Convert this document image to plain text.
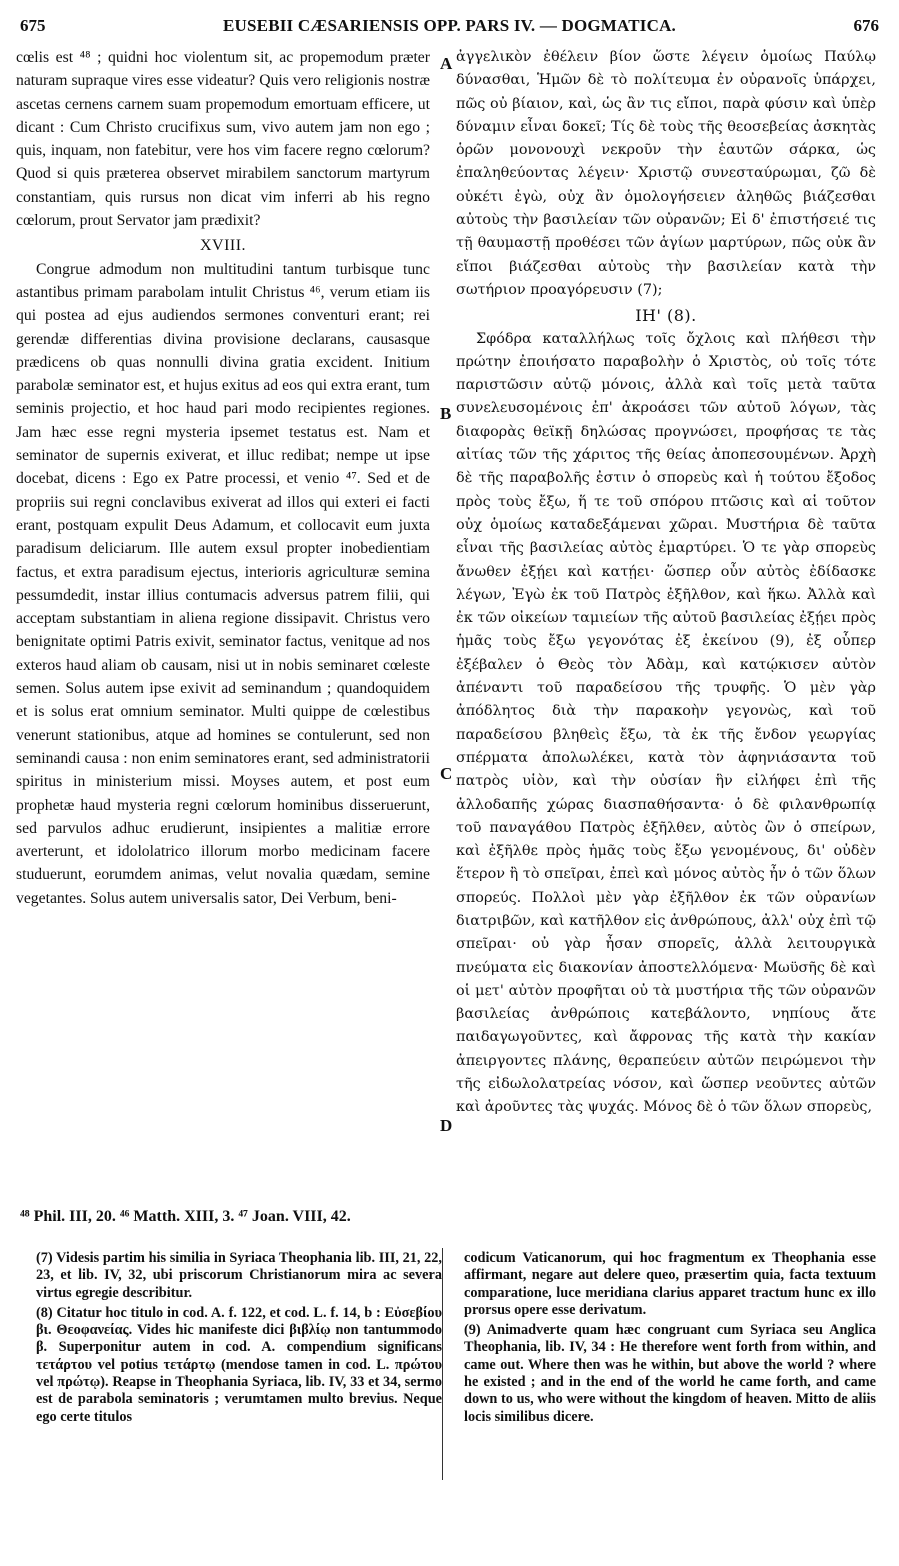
675	EUSEBII CÆSARIENSIS OPP. PARS IV. — DOGMATICA.	676

cœlis est ⁴⁸ ; quidni hoc violentum sit, ac propemodum præter naturam supraque vires esse videatur? Quis vero religionis nostræ ascetas cernens carnem suam propemodum emortuam efficere, ut dicant : Cum Christo crucifixus sum, vivo autem jam non ego ; quis, inquam, non fatebitur, vere hos vim facere regno cœlorum? Quod si quis præterea observet mirabilem sanctorum martyrum constantiam, quis rursus non dicat vim inferri ab his regno cœlorum, prout Servator jam prædixit?

XVIII.

Congrue admodum non multitudini tantum turbisque tunc astantibus primam parabolam intulit Christus ⁴⁶, verum etiam iis qui postea ad ejus audiendos sermones conventuri erant; rei gerendæ differentias divina provisione declarans, causasque prædicens ob quas nonnulli divina gratia excident. Initium parabolæ seminator est, et hujus exitus ad eos qui extra erant, tum seminis projectio, et hoc haud pari modo recipientes regiones. Jam hæc esse regni mysteria ipsemet testatus est. Nam et seminator de supernis exiverat, et illuc redibat; nempe ut ipse docebat, dicens : Ego ex Patre processi, et venio ⁴⁷. Sed et de propriis sui regni conclavibus exiverat ad illos qui exteri ei facti erant, postquam expulit Deus Adamum, et collocavit eum juxta paradisum deliciarum. Ille autem exsul propter inobedientiam factus, et extra paradisum ejectus, interioris agriculturæ semina pessumdedit, instar illius contumacis adversus patrem filii, qui acceptam substantiam in aliena regione dissipavit. Christus vero benignitate optimi Patris exivit, seminator factus, venitque ad nos exteros haud aliam ob causam, nisi ut in nobis seminaret cœleste semen. Solus autem ipse exivit ad seminandum ; quandoquidem et is solus erat omnium seminator. Multi quippe de cœlestibus venerunt stationibus, atque ad homines se contulerunt, sed non seminandi causa : non enim seminatores erant, sed administratorii spiritus in ministerium missi. Moyses autem, et post eum prophetæ haud mysteria regni cœlorum hominibus disseruerunt, sed parvulos adhuc erudierunt, insipientes a malitiæ errore averterunt, et idololatrico illorum morbo medicinam facere studuerunt, eorumdem animas, velut novalia quædam, semine vegetantes. Solus autem universalis sator, Dei Verbum, beni-

A
B
C
D

ἀγγελικὸν ἐθέλειν βίον ὥστε λέγειν ὁμοίως Παύλῳ δύνασθαι, Ἡμῶν δὲ τὸ πολίτευμα ἐν οὐρανοῖς ὑπάρχει, πῶς οὐ βίαιον, καὶ, ὡς ἂν τις εἴποι, παρὰ φύσιν καὶ ὑπὲρ δύναμιν εἶναι δοκεῖ; Τίς δὲ τοὺς τῆς θεοσεβείας ἀσκητὰς ὁρῶν μονονουχὶ νεκροῦν τὴν ἑαυτῶν σάρκα, ὡς ἐπαληθεύοντας λέγειν· Χριστῷ συνεσταύρωμαι, ζῶ δὲ οὐκέτι ἐγὼ, οὐχ ἂν ὁμολογήσειεν ἀληθῶς βιάζεσθαι αὐτοὺς τὴν βασιλείαν τῶν οὐρανῶν; Εἰ δ' ἐπιστήσειέ τις τῇ θαυμαστῇ προθέσει τῶν ἁγίων μαρτύρων, πῶς οὐκ ἂν εἴποι βιάζεσθαι αὐτοὺς τὴν βασιλείαν κατὰ τὴν σωτήριον προαγόρευσιν (7);

ΙΗ' (8).

Σφόδρα καταλλήλως τοῖς ὄχλοις καὶ πλήθεσι τὴν πρώτην ἐποιήσατο παραβολὴν ὁ Χριστὸς, οὐ τοῖς τότε παριστῶσιν αὐτῷ μόνοις, ἀλλὰ καὶ τοῖς μετὰ ταῦτα συνελευσομένοις ἐπ' ἀκροάσει τῶν αὐτοῦ λόγων, τὰς διαφορὰς θεϊκῇ δηλώσας προγνώσει, προφήσας τε τὰς αἰτίας τῶν τῆς χάριτος τῆς θείας ἀποπεσουμένων. Ἀρχὴ δὲ τῆς παραβολῆς ἐστιν ὁ σπορεὺς καὶ ἡ τούτου ἔξοδος πρὸς τοὺς ἔξω, ἥ τε τοῦ σπόρου πτῶσις καὶ αἱ τοῦτον οὐχ ὁμοίως καταδεξάμεναι χῶραι. Μυστήρια δὲ ταῦτα εἶναι τῆς βασιλείας αὐτὸς ἐμαρτύρει. Ὁ τε γὰρ σπορεὺς ἄνωθεν ἐξῄει καὶ κατῄει· ὥσπερ οὖν αὐτὸς ἐδίδασκε λέγων, Ἐγὼ ἐκ τοῦ Πατρὸς ἐξῆλθον, καὶ ἥκω. Ἀλλὰ καὶ ἐκ τῶν οἰκείων ταμιείων τῆς αὐτοῦ βασιλείας ἐξῄει πρὸς ἡμᾶς τοὺς ἔξω γεγονότας ἐξ ἐκείνου (9), ἐξ οὗπερ ἐξέβαλεν ὁ Θεὸς τὸν Ἀδὰμ, καὶ κατῴκισεν αὐτὸν ἀπέναντι τοῦ παραδείσου τῆς τρυφῆς. Ὁ μὲν γὰρ ἀπόδλητος διὰ τὴν παρακοὴν γεγονὼς, καὶ τοῦ παραδείσου βληθεὶς ἔξω, τὰ ἐκ τῆς ἔνδον γεωργίας σπέρματα ἀπολωλέκει, κατὰ τὸν ἀφηνιάσαντα τοῦ πατρὸς υἱὸν, καὶ τὴν οὐσίαν ἣν εἰλήφει ἐπὶ τῆς ἀλλοδαπῆς χώρας διασπαθήσαντα· ὁ δὲ φιλανθρωπίᾳ τοῦ παναγάθου Πατρὸς ἐξῆλθεν, αὐτὸς ὢν ὁ σπείρων, καὶ ἐξῆλθε πρὸς ἡμᾶς τοὺς ἔξω γενομένους, δι' οὐδὲν ἕτερον ἢ τὸ σπεῖραι, ἐπεὶ καὶ μόνος αὐτὸς ἦν ὁ τῶν ὅλων σπορεύς. Πολλοὶ μὲν γὰρ ἐξῆλθον ἐκ τῶν οὐρανίων διατριβῶν, καὶ κατῆλθον εἰς ἀνθρώπους, ἀλλ' οὐχ ἐπὶ τῷ σπεῖραι· οὐ γὰρ ἦσαν σπορεῖς, ἀλλὰ λειτουργικὰ πνεύματα εἰς διακονίαν ἀποστελλόμενα· Μωϋσῆς δὲ καὶ οἱ μετ' αὐτὸν προφῆται οὐ τὰ μυστήρια τῆς τῶν οὐρανῶν βασιλείας ἀνθρώποις κατεβάλοντο, νηπίους ἄτε παιδαγωγοῦντες, καὶ ἄφρονας τῆς κατὰ τὴν κακίαν ἀπειργοντες πλάνης, θεραπεύειν αὐτῶν πειρώμενοι τὴν τῆς εἰδωλολατρείας νόσον, καὶ ὥσπερ νεοῦντες αὐτῶν καὶ ἀροῦντες τὰς ψυχάς. Μόνος δὲ ὁ τῶν ὅλων σπορεὺς,

⁴⁸ Phil. III, 20. ⁴⁶ Matth. XIII, 3. ⁴⁷ Joan. VIII, 42.

(7) Videsis partim his similia in Syriaca Theophania lib. III, 21, 22, 23, et lib. IV, 32, ubi priscorum Christianorum mira ac severa virtus egregie describitur.

(8) Citatur hoc titulo in cod. A. f. 122, et cod. L. f. 14, b : Εὐσεβίου βι. Θεοφανείας. Vides hic manifeste dici βιβλίῳ non tantummodo β. Superponitur autem in cod. A. compendium significans τετάρτου vel potius τετάρτῳ (mendose tamen in cod. L. πρώτου vel πρώτῳ). Reapse in Theophania Syriaca, lib. IV, 33 et 34, sermo est de parabola seminatoris ; verumtamen multo brevius. Neque ego certe titulos

codicum Vaticanorum, qui hoc fragmentum ex Theophania esse affirmant, negare aut delere queo, præsertim quia, facta textuum comparatione, luce meridiana clarius apparet tractum hunc ex illo prorsus opere esse derivatum.

(9) Animadverte quam hæc congruant cum Syriaca seu Anglica Theophania, lib. IV, 34 : He therefore went forth from within, and came out. Where then was he within, but above the world ? where he existed ; and in the end of the world he came forth, and came down to us, who were without the kingdom of heaven. Mitto de aliis locis similibus dicere.
